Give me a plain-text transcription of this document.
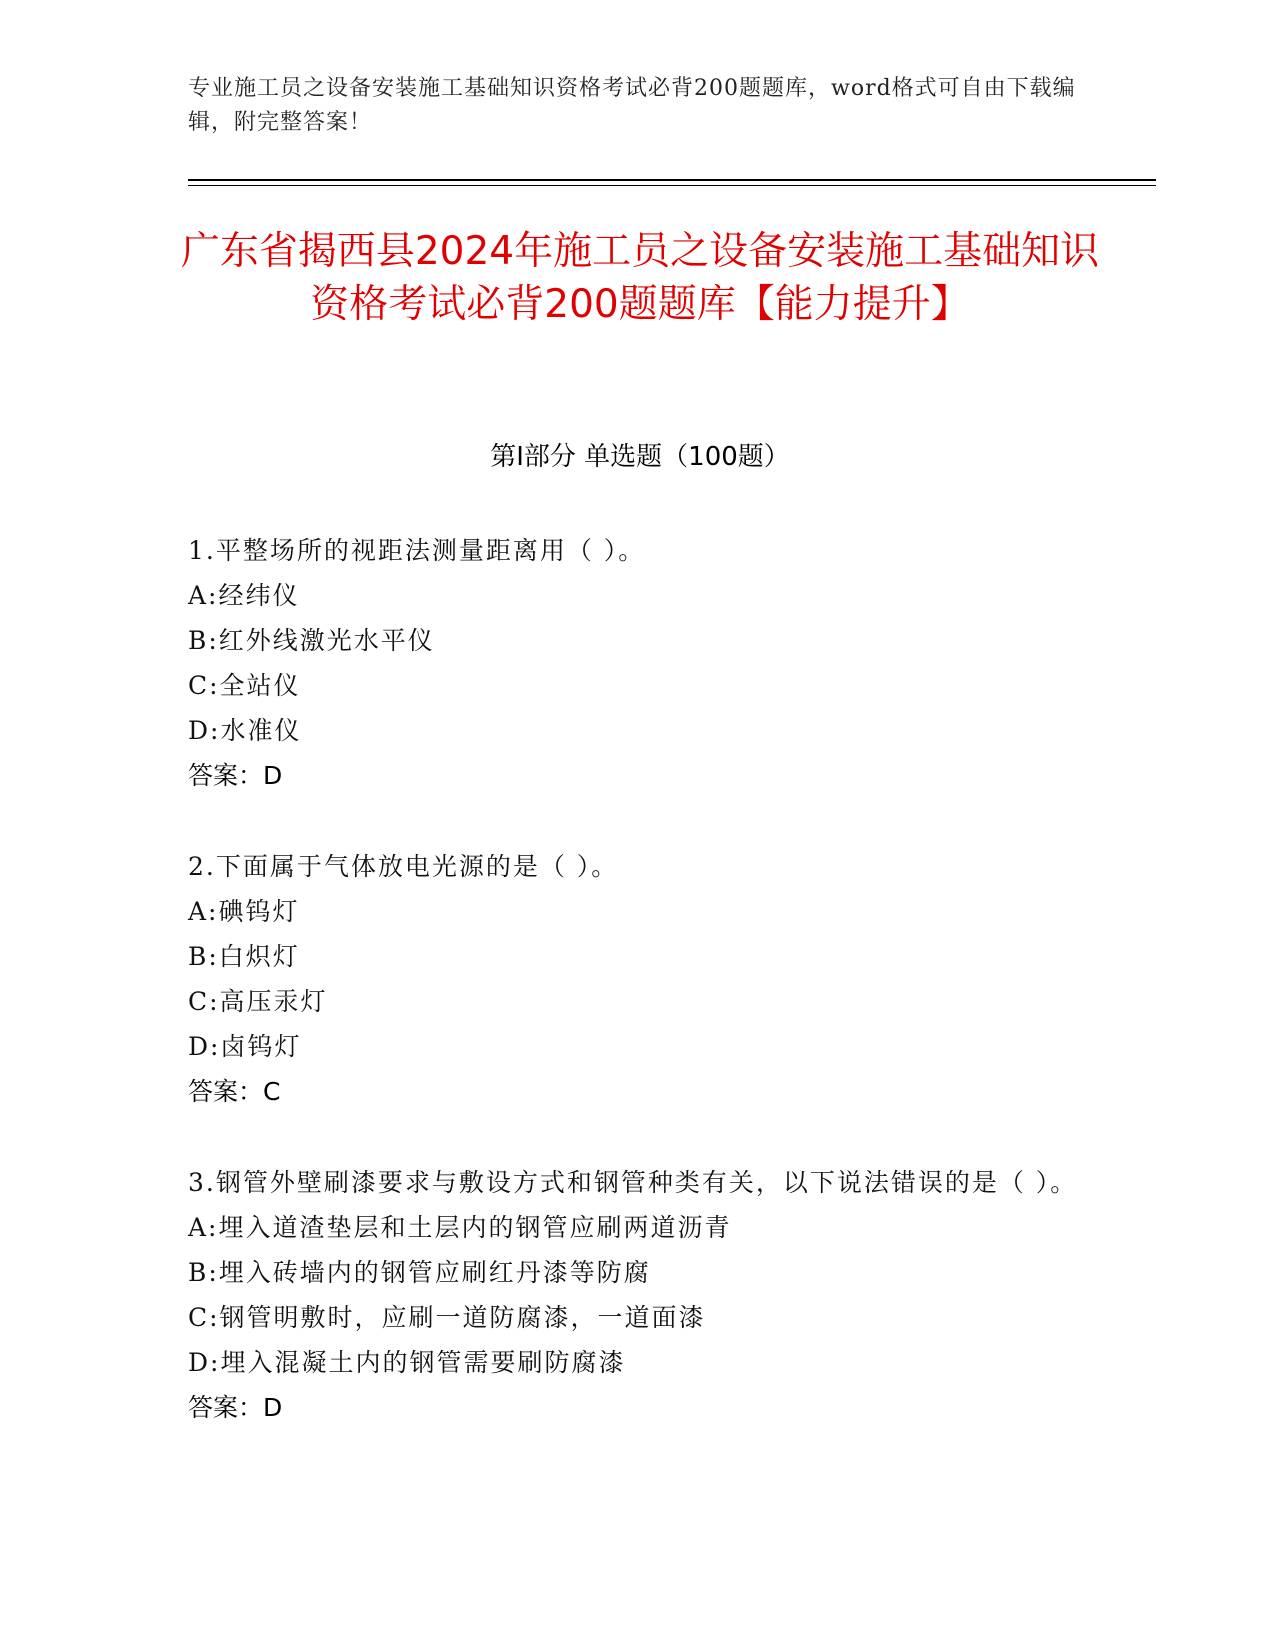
专业施工员之设备安装施工基础知识资格考试必背200题题库，word格式可自由下载编辑，附完整答案！
广东省揭西县2024年施工员之设备安装施工基础知识资格考试必背200题题库【能力提升】
第Ⅰ部分 单选题（100题）
1.平整场所的视距法测量距离用（ ）。
A:经纬仪
B:红外线激光水平仪
C:全站仪
D:水准仪
答案：D
2.下面属于气体放电光源的是（ ）。
A:碘钨灯
B:白炽灯
C:高压汞灯
D:卤钨灯
答案：C
3.钢管外壁刷漆要求与敷设方式和钢管种类有关，以下说法错误的是（ ）。
A:埋入道渣垫层和土层内的钢管应刷两道沥青
B:埋入砖墙内的钢管应刷红丹漆等防腐
C:钢管明敷时，应刷一道防腐漆，一道面漆
D:埋入混凝土内的钢管需要刷防腐漆
答案：D
